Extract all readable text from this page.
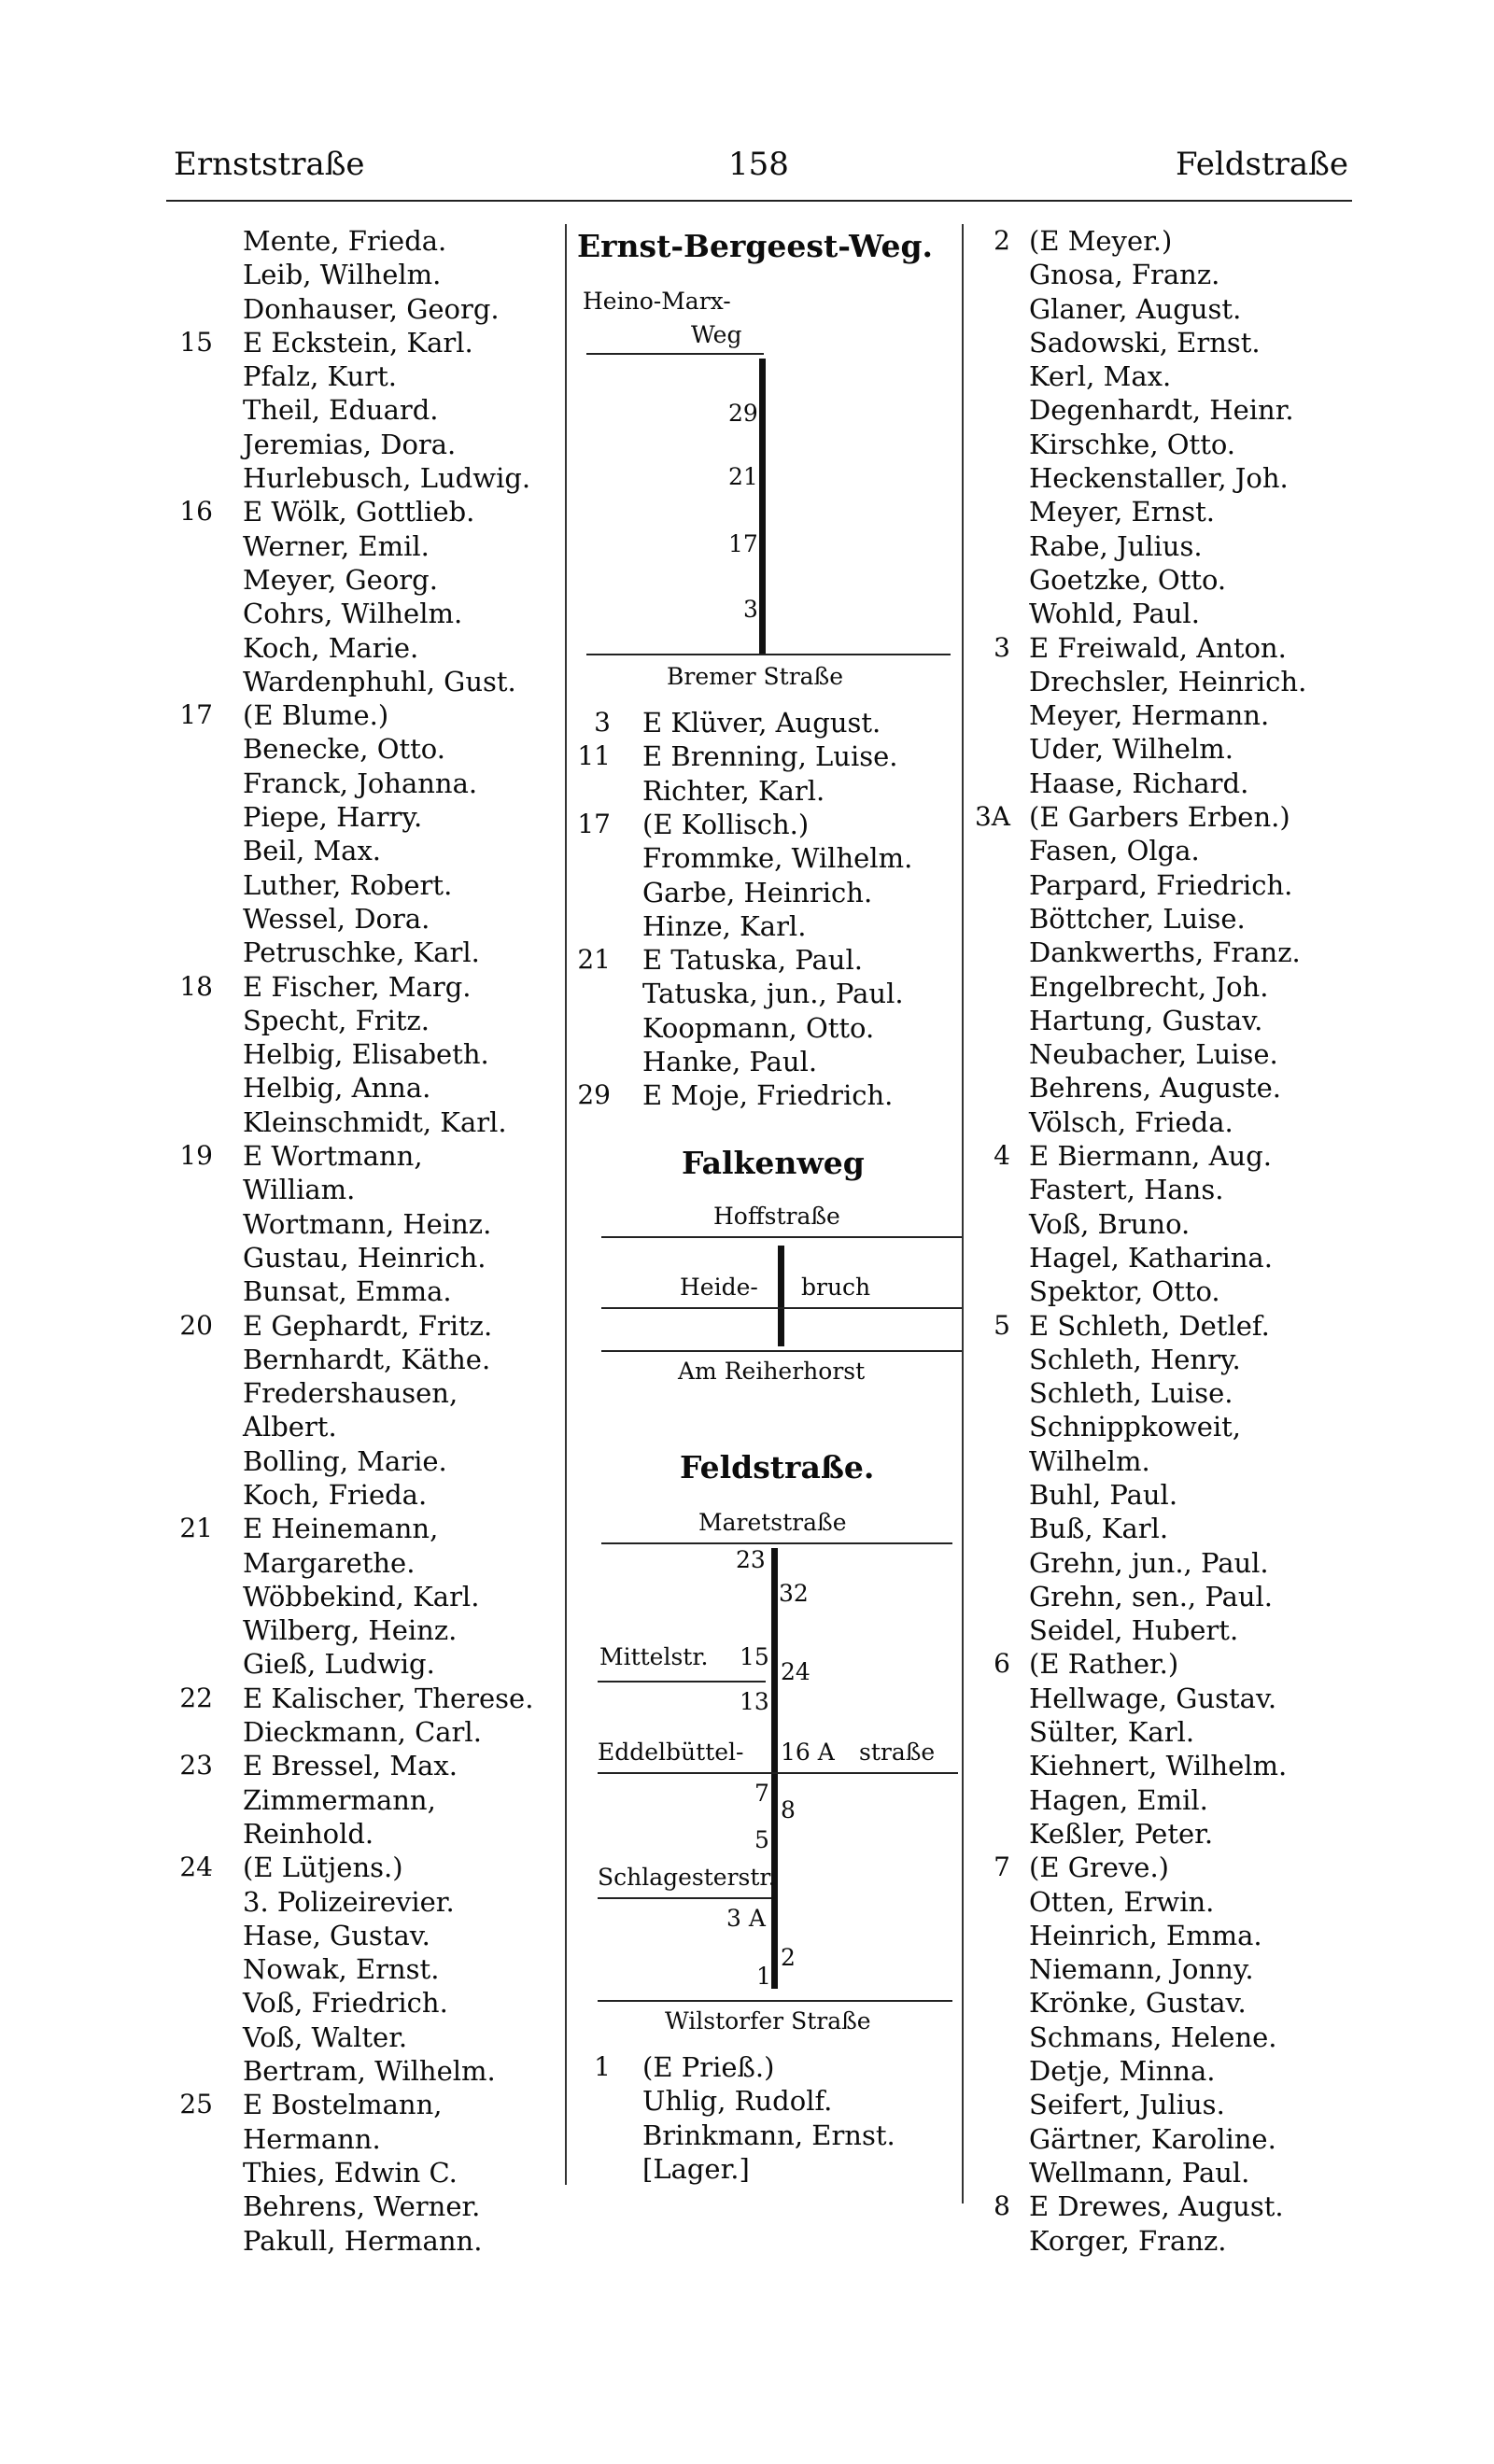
Ernststraße	158	Feldstraße
Mente, Frieda.
Leib, Wilhelm.
Donhauser, Georg.
15 E Eckstein, Karl.
Pfalz, Kurt.
Theil, Eduard.
Jeremias, Dora.
Hurlebusch, Ludwig.
16 E Wölk, Gottlieb.
Werner, Emil.
Meyer, Georg.
Cohrs, Wilhelm.
Koch, Marie.
Wardenphuhl, Gust.
17 (E Blume.)
Benecke, Otto.
Franck, Johanna.
Piepe, Harry.
Beil, Max.
Luther, Robert.
Wessel, Dora.
Petruschke, Karl.
18 E Fischer, Marg.
Specht, Fritz.
Helbig, Elisabeth.
Helbig, Anna.
Kleinschmidt, Karl.
19 E Wortmann,
William.
Wortmann, Heinz.
Gustau, Heinrich.
Bunsat, Emma.
20 E Gephardt, Fritz.
Bernhardt, Käthe.
Fredershausen,
Albert.
Bolling, Marie.
Koch, Frieda.
21 E Heinemann,
Margarethe.
Wöbbekind, Karl.
Wilberg, Heinz.
Gieß, Ludwig.
22 E Kalischer, Therese.
Dieckmann, Carl.
23 E Bressel, Max.
Zimmermann,
Reinhold.
24 (E Lütjens.)
3. Polizeirevier.
Hase, Gustav.
Nowak, Ernst.
Voß, Friedrich.
Voß, Walter.
Bertram, Wilhelm.
25 E Bostelmann,
Hermann.
Thies, Edwin C.
Behrens, Werner.
Pakull, Hermann.
2 (E Meyer.)
Gnosa, Franz.
Glaner, August.
Sadowski, Ernst.
Kerl, Max.
Degenhardt, Heinr.
Kirschke, Otto.
Heckenstaller, Joh.
Meyer, Ernst.
Rabe, Julius.
Goetzke, Otto.
Wohld, Paul.
3 E Freiwald, Anton.
Drechsler, Heinrich.
Meyer, Hermann.
Uder, Wilhelm.
Haase, Richard.
3A (E Garbers Erben.)
Fasen, Olga.
Parpard, Friedrich.
Böttcher, Luise.
Dankwerths, Franz.
Engelbrecht, Joh.
Hartung, Gustav.
Neubacher, Luise.
Behrens, Auguste.
Völsch, Frieda.
4 E Biermann, Aug.
Fastert, Hans.
Voß, Bruno.
Hagel, Katharina.
Spektor, Otto.
5 E Schleth, Detlef.
Schleth, Henry.
Schleth, Luise.
Schnippkoweit,
Wilhelm.
Buhl, Paul.
Buß, Karl.
Grehn, jun., Paul.
Grehn, sen., Paul.
Seidel, Hubert.
6 (E Rather.)
Hellwage, Gustav.
Sülter, Karl.
Kiehnert, Wilhelm.
Hagen, Emil.
Keßler, Peter.
7 (E Greve.)
Otten, Erwin.
Heinrich, Emma.
Niemann, Jonny.
Krönke, Gustav.
Schmans, Helene.
Detje, Minna.
Seifert, Julius.
Gärtner, Karoline.
Wellmann, Paul.
8 E Drewes, August.
Korger, Franz.
Ernst-Bergeest-Weg.
Heino-Marx-
Weg
29
21
17
3
Bremer Straße
3 E Klüver, August.
11 E Brenning, Luise.
Richter, Karl.
17 (E Kollisch.)
Frommke, Wilhelm.
Garbe, Heinrich.
Hinze, Karl.
21 E Tatuska, Paul.
Tatuska, jun., Paul.
Koopmann, Otto.
Hanke, Paul.
29 E Moje, Friedrich.
Falkenweg
Hoffstraße
Heide- bruch
Am Reiherhorst
Feldstraße.
Maretstraße
23
32
Mittelstr. 15
24
13
Eddelbüttel- 16 A straße
7
8
5
Schlagesterstr.
3 A
2
1
Wilstorfer Straße
1 (E Prieß.)
Uhlig, Rudolf.
Brinkmann, Ernst.
[Lager.]
